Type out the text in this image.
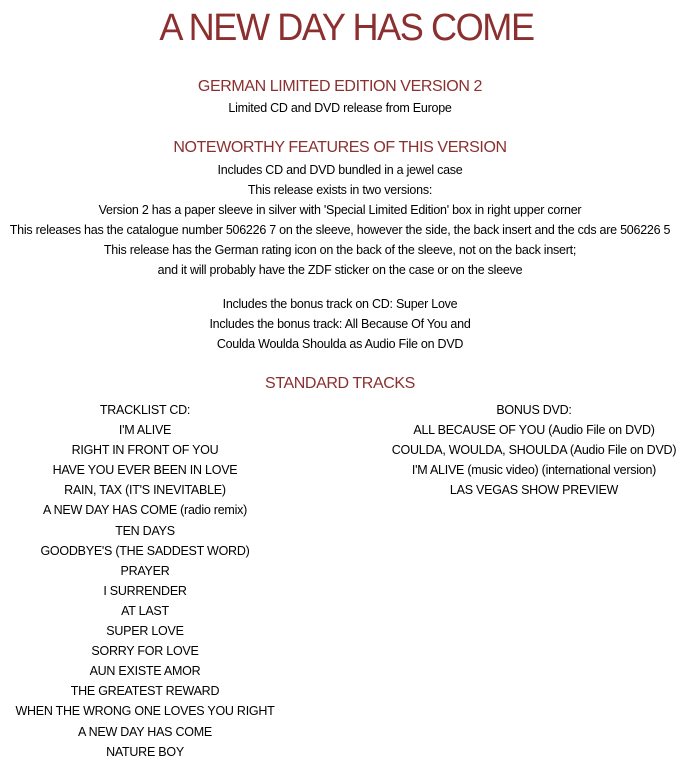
A NEW DAY HAS COME
GERMAN LIMITED EDITION VERSION 2
Limited CD and DVD release from Europe
NOTEWORTHY FEATURES OF THIS VERSION
Includes CD and DVD bundled in a jewel case
This release exists in two versions:
Version 2 has a paper sleeve in silver with 'Special Limited Edition' box in right upper corner
This releases has the catalogue number 506226 7 on the sleeve, however the side, the back insert and the cds are 506226 5
This release has the German rating icon on the back of the sleeve, not on the back insert;
and it will probably have the ZDF sticker on the case or on the sleeve
Includes the bonus track on CD: Super Love
Includes the bonus track: All Because Of You and
Coulda Woulda Shoulda as Audio File on DVD
STANDARD TRACKS
TRACKLIST CD:
I'M ALIVE
RIGHT IN FRONT OF YOU
HAVE YOU EVER BEEN IN LOVE
RAIN, TAX (IT'S INEVITABLE)
A NEW DAY HAS COME (radio remix)
TEN DAYS
GOODBYE'S (THE SADDEST WORD)
PRAYER
I SURRENDER
AT LAST
SUPER LOVE
SORRY FOR LOVE
AUN EXISTE AMOR
THE GREATEST REWARD
WHEN THE WRONG ONE LOVES YOU RIGHT
A NEW DAY HAS COME
NATURE BOY
BONUS DVD:
ALL BECAUSE OF YOU (Audio File on DVD)
COULDA, WOULDA, SHOULDA (Audio File on DVD)
I'M ALIVE (music video) (international version)
LAS VEGAS SHOW PREVIEW
